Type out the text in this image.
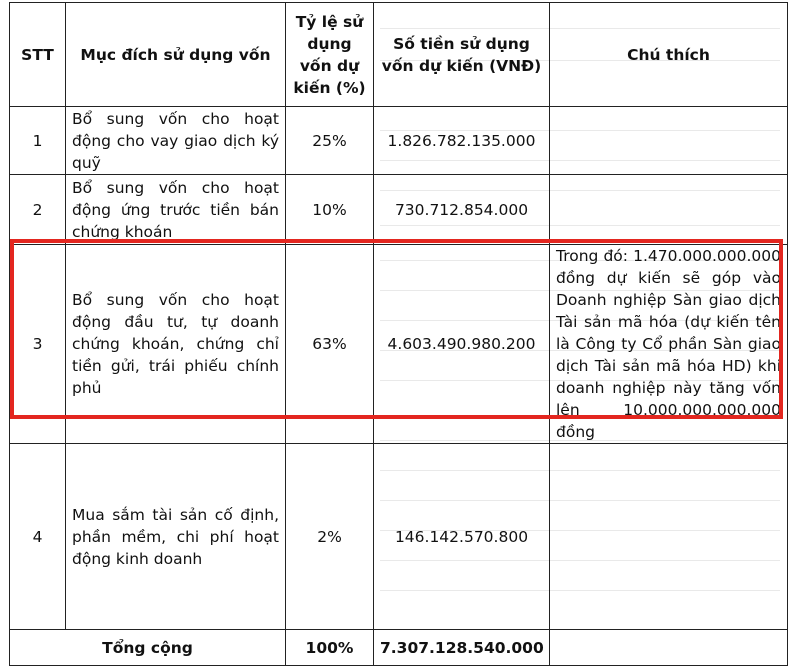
STT	Mục đích sử dụng vốn	Tỷ lệ sử dụng vốn dự kiến (%)	Số tiền sử dụng vốn dự kiến (VNĐ)	Chú thích
1	Bổ sung vốn cho hoạt động cho vay giao dịch ký quỹ	25%	1.826.782.135.000	
2	Bổ sung vốn cho hoạt động ứng trước tiền bán chứng khoán	10%	730.712.854.000	
3	Bổ sung vốn cho hoạt động đầu tư, tự doanh chứng khoán, chứng chỉ tiền gửi, trái phiếu chính phủ	63%	4.603.490.980.200	Trong đó: 1.470.000.000.000 đồng dự kiến sẽ góp vào Doanh nghiệp Sàn giao dịch Tài sản mã hóa (dự kiến tên là Công ty Cổ phần Sàn giao dịch Tài sản mã hóa HD) khi doanh nghiệp này tăng vốn lên 10.000.000.000.000 đồng
4	Mua sắm tài sản cố định, phần mềm, chi phí hoạt động kinh doanh	2%	146.142.570.800	
Tổng cộng		100%	7.307.128.540.000	
